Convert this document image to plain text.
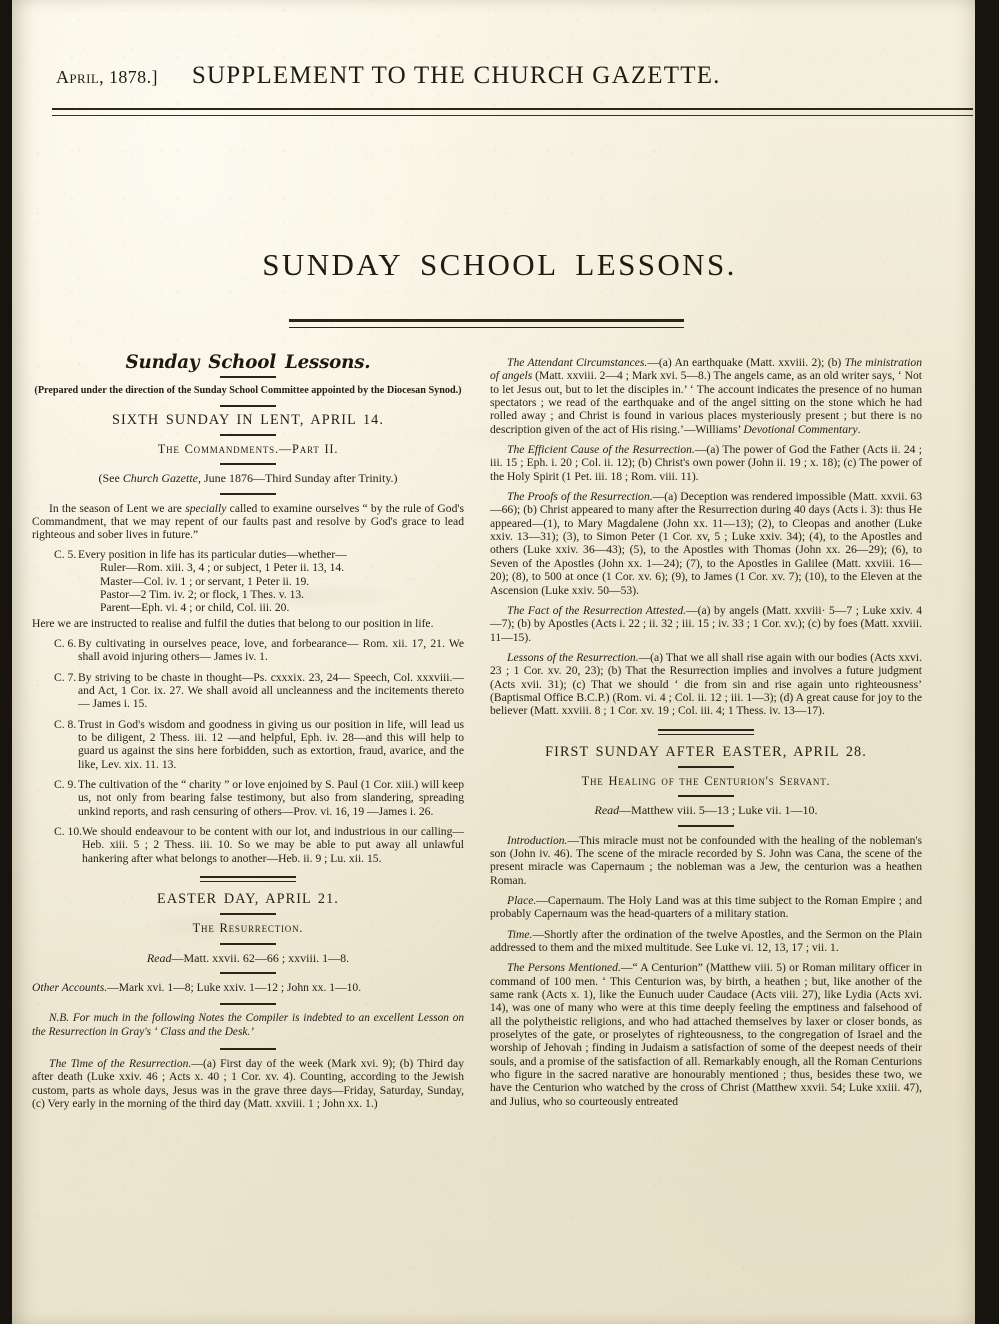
April, 1878.] SUPPLEMENT TO THE CHURCH GAZETTE.
SUNDAY SCHOOL LESSONS.
Sunday School Lessons.
(Prepared under the direction of the Sunday School Committee appointed by the Diocesan Synod.)
SIXTH SUNDAY IN LENT, APRIL 14.
The Commandments.—Part II.
(See Church Gazette, June 1876—Third Sunday after Trinity.)

In the season of Lent we are specially called to examine ourselves “ by the rule of God's Commandment, that we may repent of our faults past and resolve by God's grace to lead righteous and sober lives in future.”

C. 5. Every position in life has its particular duties—whether—
Ruler—Rom. xiii. 3, 4 ; or subject, 1 Peter ii. 13, 14.
Master—Col. iv. 1 ; or servant, 1 Peter ii. 19.
Pastor—2 Tim. iv. 2; or flock, 1 Thes. v. 13.
Parent—Eph. vi. 4 ; or child, Col. iii. 20.
Here we are instructed to realise and fulfil the duties that belong to our position in life.
C. 6. By cultivating in ourselves peace, love, and forbearance— Rom. xii. 17, 21. We shall avoid injuring others— James iv. 1.
C. 7. By striving to be chaste in thought—Ps. cxxxix. 23, 24— Speech, Col. xxxviii.—and Act, 1 Cor. ix. 27. We shall avoid all uncleanness and the incitements thereto— James i. 15.
C. 8. Trust in God's wisdom and goodness in giving us our position in life, will lead us to be diligent, 2 Thess. iii. 12 —and helpful, Eph. iv. 28—and this will help to guard us against the sins here forbidden, such as extortion, fraud, avarice, and the like, Lev. xix. 11. 13.
C. 9. The cultivation of the “ charity ” or love enjoined by S. Paul (1 Cor. xiii.) will keep us, not only from bearing false testimony, but also from slandering, spreading unkind reports, and rash censuring of others—Prov. vi. 16, 19 —James i. 26.
C. 10. We should endeavour to be content with our lot, and industrious in our calling—Heb. xiii. 5 ; 2 Thess. iii. 10. So we may be able to put away all unlawful hankering after what belongs to another—Heb. ii. 9 ; Lu. xii. 15.
EASTER DAY, APRIL 21.
The Resurrection.
Read—Matt. xxvii. 62—66 ; xxviii. 1—8.

Other Accounts.—Mark xvi. 1—8; Luke xxiv. 1—12 ; John xx. 1—10.

N.B. For much in the following Notes the Compiler is indebted to an excellent Lesson on the Resurrection in Gray's ‘ Class and the Desk.’

The Time of the Resurrection.—(a) First day of the week (Mark xvi. 9); (b) Third day after death (Luke xxiv. 46 ; Acts x. 40 ; 1 Cor. xv. 4). Counting, according to the Jewish custom, parts as whole days, Jesus was in the grave three days—Friday, Saturday, Sunday, (c) Very early in the morning of the third day (Matt. xxviii. 1 ; John xx. 1.)

The Attendant Circumstances.—(a) An earthquake (Matt. xxviii. 2); (b) The ministration of angels (Matt. xxviii. 2—4 ; Mark xvi. 5—8.) The angels came, as an old writer says, ‘ Not to let Jesus out, but to let the disciples in.’ ‘ The account indicates the presence of no human spectators ; we read of the earthquake and of the angel sitting on the stone which he had rolled away ; and Christ is found in various places mysteriously present ; but there is no description given of the act of His rising.’—Williams’ Devotional Commentary.

The Efficient Cause of the Resurrection.—(a) The power of God the Father (Acts ii. 24 ; iii. 15 ; Eph. i. 20 ; Col. ii. 12); (b) Christ's own power (John ii. 19 ; x. 18); (c) The power of the Holy Spirit (1 Pet. iii. 18 ; Rom. viii. 11).

The Proofs of the Resurrection.—(a) Deception was rendered impossible (Matt. xxvii. 63—66); (b) Christ appeared to many after the Resurrection during 40 days (Acts i. 3): thus He appeared—(1), to Mary Magdalene (John xx. 11—13); (2), to Cleopas and another (Luke xxiv. 13—31); (3), to Simon Peter (1 Cor. xv, 5 ; Luke xxiv. 34); (4), to the Apostles and others (Luke xxiv. 36—43); (5), to the Apostles with Thomas (John xx. 26—29); (6), to Seven of the Apostles (John xx. 1—24); (7), to the Apostles in Galilee (Matt. xxviii. 16—20); (8), to 500 at once (1 Cor. xv. 6); (9), to James (1 Cor. xv. 7); (10), to the Eleven at the Ascension (Luke xxiv. 50—53).

The Fact of the Resurrection Attested.—(a) by angels (Matt. xxviii· 5—7 ; Luke xxiv. 4—7); (b) by Apostles (Acts i. 22 ; ii. 32 ; iii. 15 ; iv. 33 ; 1 Cor. xv.); (c) by foes (Matt. xxviii. 11—15).

Lessons of the Resurrection.—(a) That we all shall rise again with our bodies (Acts xxvi. 23 ; 1 Cor. xv. 20, 23); (b) That the Resurrection implies and involves a future judgment (Acts xvii. 31); (c) That we should ‘ die from sin and rise again unto righteousness’ (Baptismal Office B.C.P.) (Rom. vi. 4 ; Col. ii. 12 ; iii. 1—3); (d) A great cause for joy to the believer (Matt. xxviii. 8 ; 1 Cor. xv. 19 ; Col. iii. 4; 1 Thess. iv. 13—17).

FIRST SUNDAY AFTER EASTER, APRIL 28.
The Healing of the Centurion's Servant.
Read—Matthew viii. 5—13 ; Luke vii. 1—10.

Introduction.—This miracle must not be confounded with the healing of the nobleman's son (John iv. 46). The scene of the miracle recorded by S. John was Cana, the scene of the present miracle was Capernaum ; the nobleman was a Jew, the centurion was a heathen Roman.

Place.—Capernaum. The Holy Land was at this time subject to the Roman Empire ; and probably Capernaum was the head-quarters of a military station.

Time.—Shortly after the ordination of the twelve Apostles, and the Sermon on the Plain addressed to them and the mixed multitude. See Luke vi. 12, 13, 17 ; vii. 1.

The Persons Mentioned.—“ A Centurion” (Matthew viii. 5) or Roman military officer in command of 100 men. ‘ This Centurion was, by birth, a heathen ; but, like another of the same rank (Acts x. 1), like the Eunuch uuder Caudace (Acts viii. 27), like Lydia (Acts xvi. 14), was one of many who were at this time deeply feeling the emptiness and falsehood of all the polytheistic religions, and who had attached themselves by laxer or closer bonds, as proselytes of the gate, or proselytes of righteousness, to the congregation of Israel and the worship of Jehovah ; finding in Judaism a satisfaction of some of the deepest needs of their souls, and a promise of the satisfaction of all. Remarkably enough, all the Roman Centurions who figure in the sacred narative are honourably mentioned ; thus, besides these two, we have the Centurion who watched by the cross of Christ (Matthew xxvii. 54; Luke xxiii. 47), and Julius, who so courteously entreated
